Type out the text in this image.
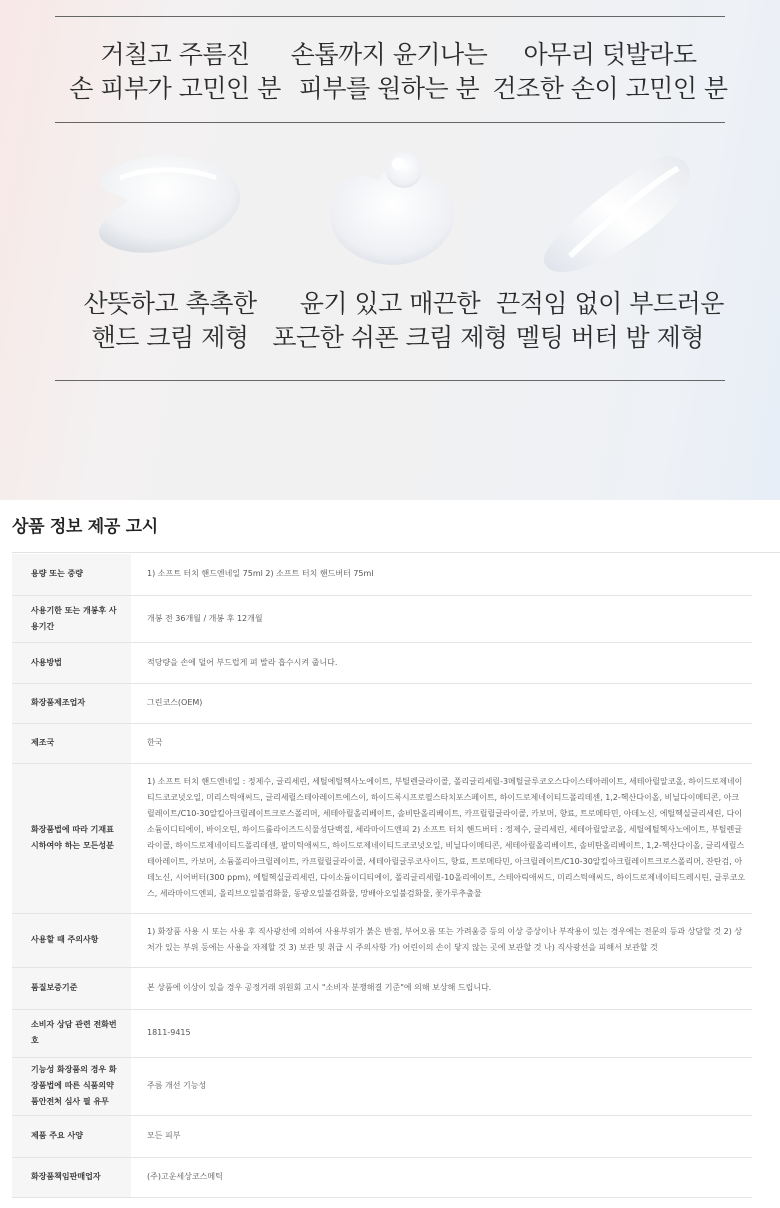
거칠고 주름진
손 피부가 고민인 분
손톱까지 윤기나는
피부를 원하는 분
아무리 덧발라도
건조한 손이 고민인 분
산뜻하고 촉촉한
핸드 크림 제형
윤기 있고 매끈한
포근한 쉬폰 크림 제형
끈적임 없이 부드러운
멜팅 버터 밤 제형
상품 정보 제공 고시
용량 또는 중량	1) 소프트 터치 핸드엔네일 75ml 2) 소프트 터치 핸드버터 75ml
사용기한 또는 개봉후 사용기간	개봉 전 36개월 / 개봉 후 12개월
사용방법	적당량을 손에 덜어 부드럽게 펴 발라 흡수시켜 줍니다.
화장품제조업자	그린코스(OEM)
제조국	한국
화장품법에 따라 기재표시하여야 하는 모든성분	1) 소프트 터치 핸드엔네일 : 정제수, 글리세린, 세틸에틸헥사노에이트, 부틸렌글라이콜, 폴리글리세릴-3메틸글루코오스다이스테아레이트, 세테아릴알코올, 하이드로제네이티드코코넛오일, 미리스틱애씨드, 글리세릴스테아레이트에스이, 하이드록시프로필스타치포스페이트, 하이드로제네이티드폴리데센, 1,2-헥산다이올, 비닐다이메티콘, 아크릴레이트/C10-30알킬아크릴레이트크로스폴리머, 세테아릴올리베이트, 솔비탄올리베이트, 카프릴릴글라이콜, 카보머, 향료, 트로메타민, 아데노신, 에틸헥실글리세린, 다이소듐이디티에이, 바이오틴, 하이드롤라이즈드식물성단백질, 세라마이드엔피 2) 소프트 터치 핸드버터 : 정제수, 글리세린, 세테아릴알코올, 세틸에틸헥사노에이트, 부틸렌글라이콜, 하이드로제네이티드폴리데센, 팔미틱애씨드, 하이드로제네이티드코코넛오일, 비닐다이메티콘, 세테아릴올리베이트, 솔비탄올리베이트, 1,2-헥산다이올, 글리세릴스테아레이트, 카보머, 소듐폴리아크릴레이트, 카프릴릴글라이콜, 세테아릴글루코사이드, 향료, 트로메타민, 아크릴레이트/C10-30알킬아크릴레이트크로스폴리머, 잔탄검, 아데노신, 시어버터(300 ppm), 에틸헥실글리세린, 다이소듐이디티에이, 폴리글리세릴-10올리에이트, 스테아릭애씨드, 미리스틱애씨드, 하이드로제네이티드레시틴, 글루코오스, 세라마이드엔피, 올리브오일불검화물, 동광오일불검화물, 망배아오일불검화물, 꽃가루추출물
사용할 때 주의사항	1) 화장품 사용 시 또는 사용 후 직사광선에 의하여 사용부위가 붉은 반점, 부어오름 또는 가려움증 등의 이상 증상이나 부작용이 있는 경우에는 전문의 등과 상담할 것 2) 상처가 있는 부위 등에는 사용을 자제할 것 3) 보관 및 취급 시 주의사항 가) 어린이의 손이 닿지 않는 곳에 보관할 것 나) 직사광선을 피해서 보관할 것
품질보증기준	본 상품에 이상이 있을 경우 공정거래 위원회 고시 "소비자 분쟁해결 기준"에 의해 보상해 드립니다.
소비자 상담 관련 전화번호	1811-9415
기능성 화장품의 경우 화장품법에 따른 식품의약품안전처 심사 필 유무	주름 개선 기능성
제품 주요 사양	모든 피부
화장품책임판매업자	(주)고운세상코스메틱
